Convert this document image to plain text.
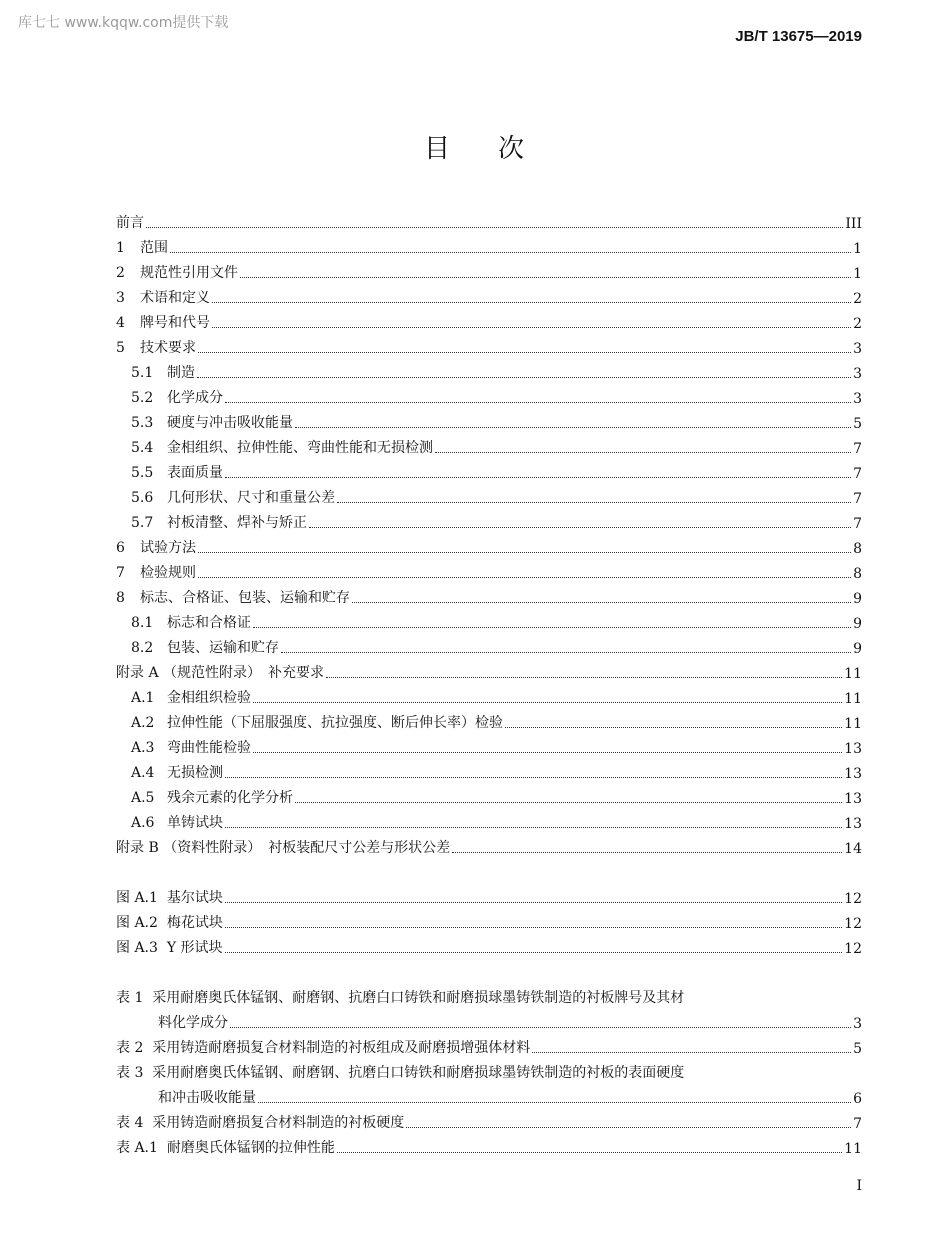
库七七 www.kqqw.com提供下载
JB/T 13675—2019
目 次
前言	III
1 范围	1
2 规范性引用文件	1
3 术语和定义	2
4 牌号和代号	2
5 技术要求	3
5.1 制造	3
5.2 化学成分	3
5.3 硬度与冲击吸收能量	5
5.4 金相组织、拉伸性能、弯曲性能和无损检测	7
5.5 表面质量	7
5.6 几何形状、尺寸和重量公差	7
5.7 衬板清整、焊补与矫正	7
6 试验方法	8
7 检验规则	8
8 标志、合格证、包装、运输和贮存	9
8.1 标志和合格证	9
8.2 包装、运输和贮存	9
附录 A （规范性附录）　补充要求	11
A.1 金相组织检验	11
A.2 拉伸性能（下屈服强度、抗拉强度、断后伸长率）检验	11
A.3 弯曲性能检验	13
A.4 无损检测	13
A.5 残余元素的化学分析	13
A.6 单铸试块	13
附录 B （资料性附录）　衬板装配尺寸公差与形状公差	14
图 A.1 基尔试块	12
图 A.2 梅花试块	12
图 A.3 Y 形试块	12
表 1
采用耐磨奥氏体锰钢、耐磨钢、抗磨白口铸铁和耐磨损球墨铸铁制造的衬板牌号及其材
料化学成分	3
表 2 采用铸造耐磨损复合材料制造的衬板组成及耐磨损增强体材料	5
表 3
采用耐磨奥氏体锰钢、耐磨钢、抗磨白口铸铁和耐磨损球墨铸铁制造的衬板的表面硬度
和冲击吸收能量	6
表 4 采用铸造耐磨损复合材料制造的衬板硬度	7
表 A.1 耐磨奥氏体锰钢的拉伸性能	11
I
